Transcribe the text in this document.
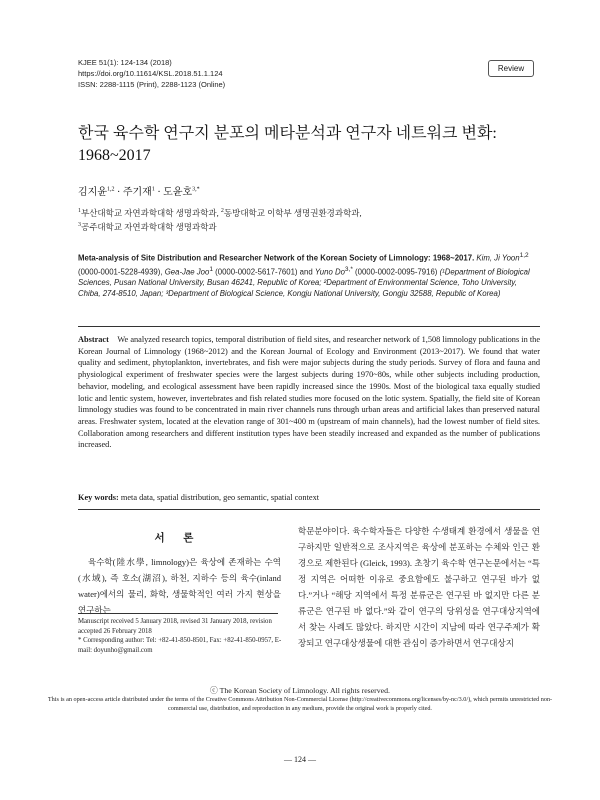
KJEE 51(1): 124-134 (2018)
https://doi.org/10.11614/KSL.2018.51.1.124
ISSN: 2288-1115 (Print), 2288-1123 (Online)
Review
한국 육수학 연구지 분포의 메타분석과 연구자 네트워크 변화:
1968~2017
김지윤$^{1,2}$ · 주기재$^1$ · 도윤호$^{3,*}$
$^1$부산대학교 자연과학대학 생명과학과, $^2$동방대학교 이학부 생명권환경과학과,
$^3$공주대학교 자연과학대학 생명과학과
Meta-analysis of Site Distribution and Researcher Network of the Korean Society of Limnology: 1968~2017. Kim, Ji Yoon$^{1,2}$ (0000-0001-5228-4939), Gea-Jae Joo$^1$ (0000-0002-5617-7601) and Yuno $Do^{3,*}$ (0000-0002-0095-7916) (¹Department of Biological Sciences, Pusan National University, Busan 46241, Republic of Korea; ²Department of Environmental Science, Toho University, Chiba, 274-8510, Japan; ³Department of Biological Science, Kongju National University, Gongju 32588, Republic of Korea)
Abstract We analyzed research topics, temporal distribution of field sites, and researcher network of 1,508 limnology publications in the Korean Journal of Limnology (1968~2012) and the Korean Journal of Ecology and Environment (2013~2017). We found that water quality and sediment, phytoplankton, invertebrates, and fish were major subjects during the study periods. Survey of flora and fauna and physiological experiment of freshwater species were the largest subjects during 1970~80s, while other subjects including production, behavior, modeling, and ecological assessment have been rapidly increased since the 1990s. Most of the biological taxa equally studied lotic and lentic system, however, invertebrates and fish related studies more focused on the lotic system. Spatially, the field site of Korean limnology studies was found to be concentrated in main river channels runs through urban areas and artificial lakes than preserved natural areas. Freshwater system, located at the elevation range of 301~400 m (upstream of main channels), had the lowest number of field sites. Collaboration among researchers and different institution types have been steadily increased and expanded as the number of publications increased.
Key words: meta data, spatial distribution, geo semantic, spatial context
서 론
육수학(陸水學, limnology)은 육상에 존재하는 수역(水域), 즉 호소(湖沼), 하천, 지하수 등의 육수(inland water)에서의 물리, 화학, 생물학적인 여러 가지 현상을 연구하는
학문분야이다. 육수학자들은 다양한 수생태계 환경에서 생물을 연구하지만 일반적으로 조사지역은 육상에 분포하는 수체와 인근 환경으로 제한된다 (Gleick, 1993). 초창기 육수학 연구논문에서는 “특정 지역은 어떠한 이유로 중요함에도 불구하고 연구된 바가 없다.”거나 “해당 지역에서 특정 분류군은 연구된 바 없지만 다른 분류군은 연구된 바 없다.”와 같이 연구의 당위성을 연구대상지역에서 찾는 사례도 많았다. 하지만 시간이 지남에 따라 연구주제가 확장되고 연구대상생물에 대한 관심이 증가하면서 연구대상지
Manuscript received 5 January 2018, revised 31 January 2018, revision accepted 26 February 2018
* Corresponding author: Tel: +82-41-850-8501, Fax: +82-41-850-0957, E-mail: doyunho@gmail.com
ⓒ The Korean Society of Limnology. All rights reserved.
This is an open-access article distributed under the terms of the Creative Commons Attribution Non-Commercial License (http://creativecommons.org/licenses/by-nc/3.0/), which permits unrestricted non-commercial use, distribution, and reproduction in any medium, provide the original work is properly cited.
― 124 ―
